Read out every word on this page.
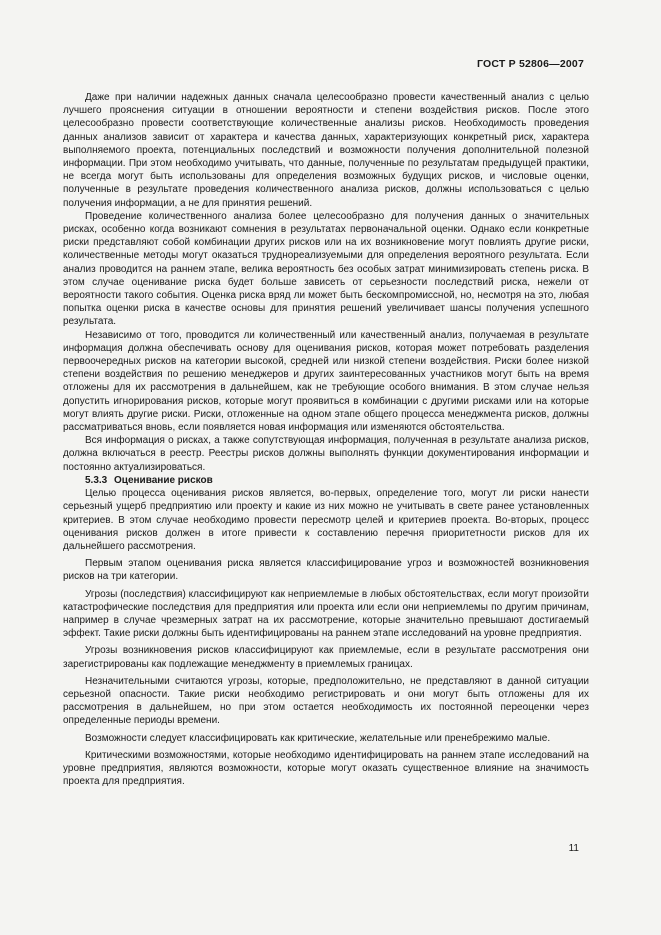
ГОСТ Р 52806—2007

Даже при наличии надежных данных сначала целесообразно провести качественный анализ с целью лучшего прояснения ситуации в отношении вероятности и степени воздействия рисков. После этого целесообразно провести соответствующие количественные анализы рисков. Необходимость проведения данных анализов зависит от характера и качества данных, характеризующих конкретный риск, характера выполняемого проекта, потенциальных последствий и возможности получения дополнительной полезной информации. При этом необходимо учитывать, что данные, полученные по результатам предыдущей практики, не всегда могут быть использованы для определения возможных будущих рисков, и числовые оценки, полученные в результате проведения количественного анализа рисков, должны использоваться с целью получения информации, а не для принятия решений.

Проведение количественного анализа более целесообразно для получения данных о значительных рисках, особенно когда возникают сомнения в результатах первоначальной оценки. Однако если конкретные риски представляют собой комбинации других рисков или на их возникновение могут повлиять другие риски, количественные методы могут оказаться трудноpеализуемыми для определения вероятного результата. Если анализ проводится на раннем этапе, велика вероятность без особых затрат минимизировать степень риска. В этом случае оценивание риска будет больше зависеть от серьезности последствий риска, нежели от вероятности такого события. Оценка риска вряд ли может быть бескомпромиссной, но, несмотря на это, любая попытка оценки риска в качестве основы для принятия решений увеличивает шансы получения успешного результата.

Независимо от того, проводится ли количественный или качественный анализ, получаемая в результате информация должна обеспечивать основу для оценивания рисков, которая может потребовать разделения первоочередных рисков на категории высокой, средней или низкой степени воздействия. Риски более низкой степени воздействия по решению менеджеров и других заинтересованных участников могут быть на время отложены для их рассмотрения в дальнейшем, как не требующие особого внимания. В этом случае нельзя допустить игнорирования рисков, которые могут проявиться в комбинации с другими рисками или на которые могут влиять другие риски. Риски, отложенные на одном этапе общего процесса менеджмента рисков, должны рассматриваться вновь, если появляется новая информация или изменяются обстоятельства.

Вся информация о рисках, а также сопутствующая информация, полученная в результате анализа рисков, должна включаться в реестр. Реестры рисков должны выполнять функции документирования информации и постоянно актуализироваться.

5.3.3 Оценивание рисков

Целью процесса оценивания рисков является, во-первых, определение того, могут ли риски нанести серьезный ущерб предприятию или проекту и какие из них можно не учитывать в свете ранее установленных критериев. В этом случае необходимо провести пересмотр целей и критериев проекта. Во-вторых, процесс оценивания рисков должен в итоге привести к составлению перечня приоритетности рисков для их дальнейшего рассмотрения.

Первым этапом оценивания риска является классифицирование угроз и возможностей возникновения рисков на три категории.

Угрозы (последствия) классифицируют как неприемлемые в любых обстоятельствах, если могут произойти катастрофические последствия для предприятия или проекта или если они неприемлемы по другим причинам, например в случае чрезмерных затрат на их рассмотрение, которые значительно превышают достигаемый эффект. Такие риски должны быть идентифицированы на раннем этапе исследований на уровне предприятия.

Угрозы возникновения рисков классифицируют как приемлемые, если в результате рассмотрения они зарегистрированы как подлежащие менеджменту в приемлемых границах.

Незначительными считаются угрозы, которые, предположительно, не представляют в данной ситуации серьезной опасности. Такие риски необходимо регистрировать и они могут быть отложены для их рассмотрения в дальнейшем, но при этом остается необходимость их постоянной переоценки через определенные периоды времени.

Возможности следует классифицировать как критические, желательные или пренебрежимо малые.

Критическими возможностями, которые необходимо идентифицировать на раннем этапе исследований на уровне предприятия, являются возможности, которые могут оказать существенное влияние на значимость проекта для предприятия.

11
